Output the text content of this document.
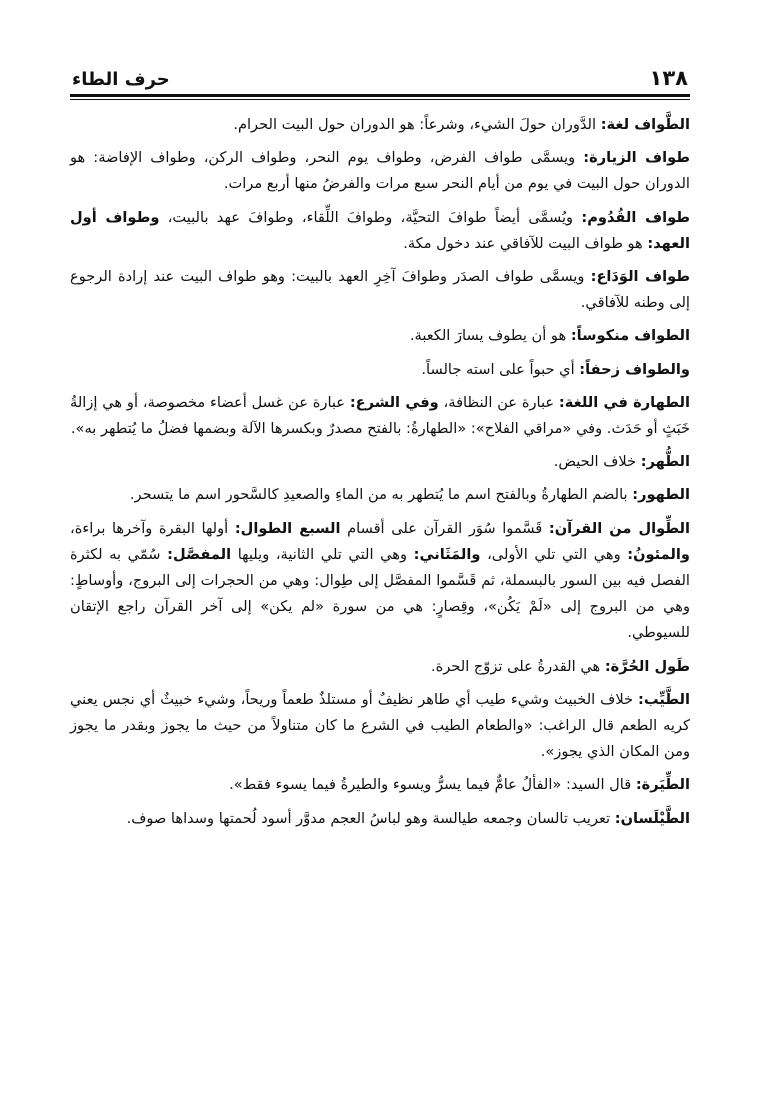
١٣٨
حرف الطاء

الطَّواف لغة: الدَّوران حولَ الشيء، وشرعاً: هو الدوران حول البيت الحرام.

طواف الزيارة: ويسمَّى طواف الفرض، وطواف يوم النحر، وطواف الركن، وطواف الإفاضة: هو الدوران حول البيت في يوم من أيام النحر سبع مرات والفرضُ منها أربع مرات.

طواف القُدُوم: ويُسمَّى أيضاً طوافَ التحيَّة، وطوافَ اللِّقاء، وطوافَ عهد بالبيت، وطواف أول العهد: هو طواف البيت للآفاقي عند دخول مكة.

طواف الوَدَاع: ويسمَّى طواف الصدَر وطوافَ آخِرِ العهد بالبيت: وهو طواف البيت عند إرادة الرجوع إلى وطنه للآفاقي.

الطواف منكوساً: هو أن يطوف يسارَ الكعبة.

والطواف زحفاً: أي حبواً على استه جالساً.

الطهارة في اللغة: عبارة عن النظافة، وفي الشرع: عبارة عن غسل أعضاء مخصوصة، أو هي إزالةُ خَبَثٍ أو حَدَث. وفي «مراقي الفلاح»: «الطهارةُ: بالفتح مصدرٌ وبكسرها الآلة وبضمها فضلُ ما يُتطهر به».

الطُّهر: خلاف الحيض.

الطهور: بالضم الطهارةُ وبالفتح اسم ما يُتطهر به من الماءِ والصعيدِ كالسَّحور اسم ما يتسحر.

الطِّوال من القرآن: قَسَّموا سُوَر القرآن على أقسام السبع الطوال: أولها البقرة وآخرها براءة، والمئونُ: وهي التي تلي الأولى، والمَثَاني: وهي التي تلي الثانية، ويليها المفصَّل: سُمّي به لكثرة الفصل فيه بين السور بالبسملة، ثم قَسَّموا المفصَّل إلى طِوال: وهي من الحجرات إلى البروج، وأوساطٍ: وهي من البروج إلى «لَمْ يَكُن»، وقِصارٍ: هي من سورة «لم يكن» إلى آخر القرآن راجع الإتقان للسيوطي.

طَول الحُرَّة: هي القدرةُ على تزوّج الحرة.

الطَّيِّب: خلاف الخبيث وشيء طيب أي طاهر نظيفٌ أو مستلذٌ طعماً وريحاً، وشيء خبيثٌ أي نجس يعني كريه الطعم قال الراغب: «والطعام الطيب في الشرع ما كان متناولاً من حيث ما يجوز وبقدر ما يجوز ومن المكان الذي يجوز».

الطِّيَرة: قال السيد: «الفألُ عامٌّ فيما يسرُّ ويسوء والطيرةُ فيما يسوء فقط».

الطَّيْلَسان: تعريب تالسان وجمعه طيالسة وهو لباسُ العجم مدوَّر أسود لُحمتها وسداها صوف.
